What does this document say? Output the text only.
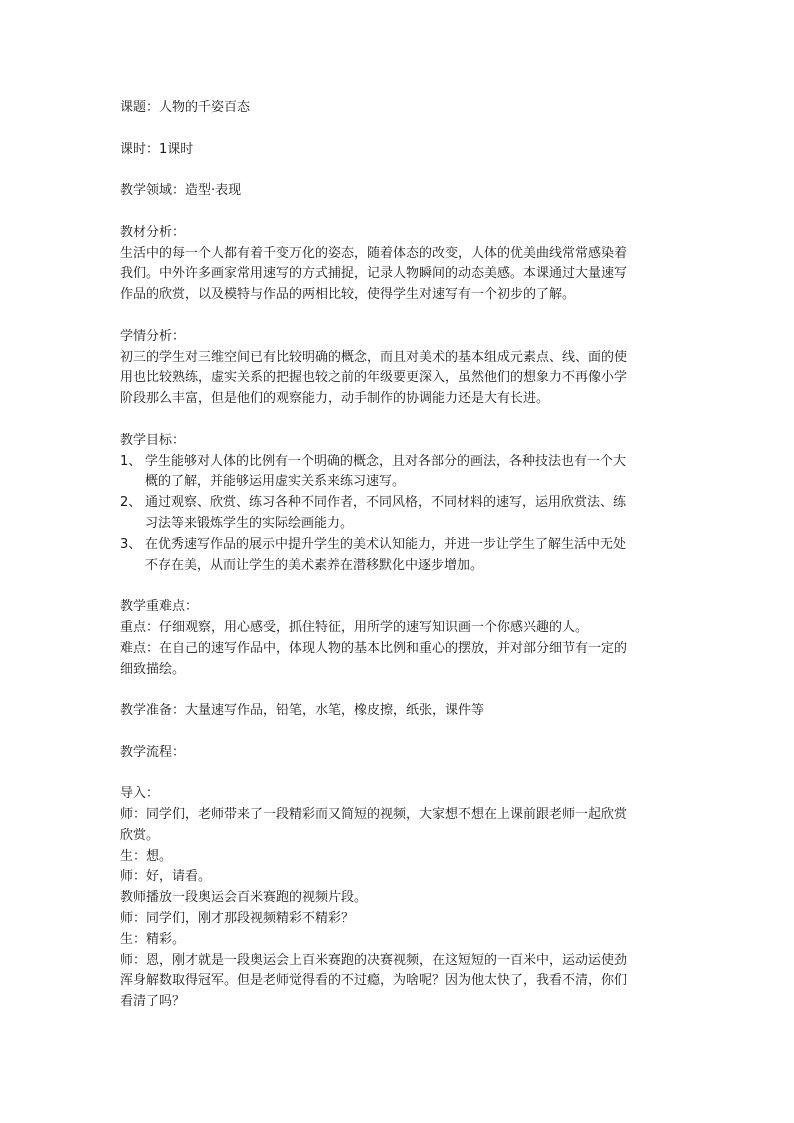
课题：人物的千姿百态
课时：1课时
教学领域：造型·表现
教材分析：
生活中的每一个人都有着千变万化的姿态，随着体态的改变，人体的优美曲线常常感染着
我们。中外许多画家常用速写的方式捕捉，记录人物瞬间的动态美感。本课通过大量速写
作品的欣赏，以及模特与作品的两相比较，使得学生对速写有一个初步的了解。
学情分析：
初三的学生对三维空间已有比较明确的概念，而且对美术的基本组成元素点、线、面的使
用也比较熟练，虚实关系的把握也较之前的年级要更深入，虽然他们的想象力不再像小学
阶段那么丰富，但是他们的观察能力，动手制作的协调能力还是大有长进。
教学目标：
1、 学生能够对人体的比例有一个明确的概念，且对各部分的画法，各种技法也有一个大
概的了解，并能够运用虚实关系来练习速写。
2、 通过观察、欣赏、练习各种不同作者，不同风格，不同材料的速写，运用欣赏法、练
习法等来锻炼学生的实际绘画能力。
3、 在优秀速写作品的展示中提升学生的美术认知能力，并进一步让学生了解生活中无处
不存在美，从而让学生的美术素养在潜移默化中逐步增加。
教学重难点：
重点：仔细观察，用心感受，抓住特征，用所学的速写知识画一个你感兴趣的人。
难点：在自己的速写作品中，体现人物的基本比例和重心的摆放，并对部分细节有一定的
细致描绘。
教学准备：大量速写作品，铅笔，水笔，橡皮擦，纸张，课件等
教学流程：
导入：
师：同学们，老师带来了一段精彩而又简短的视频，大家想不想在上课前跟老师一起欣赏
欣赏。
生：想。
师：好，请看。
教师播放一段奥运会百米赛跑的视频片段。
师：同学们，刚才那段视频精彩不精彩？
生：精彩。
师：恩，刚才就是一段奥运会上百米赛跑的决赛视频，在这短短的一百米中，运动运使劲
浑身解数取得冠军。但是老师觉得看的不过瘾，为啥呢？因为他太快了，我看不清，你们
看清了吗？
